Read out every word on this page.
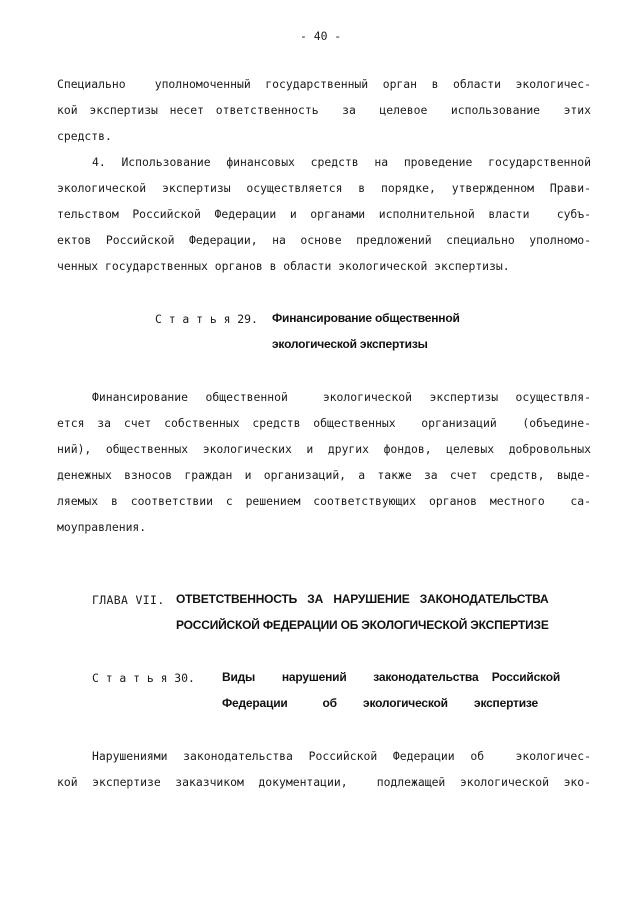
- 40 -
Специально  уполномоченный государственный орган в области экологичес-
кой экспертизы несет ответственность  за  целевое  использование  этих
средств.
4. Использование финансовых средств на проведение государственной
экологической экспертизы осуществляется в порядке, утвержденном Прави-
тельством Российской Федерации и органами исполнительной власти  субъ-
ектов Российской Федерации, на основе предложений специально уполномо-
ченных государственных органов в области экологической экспертизы.
С т а т ь я 29. Финансирование общественной
экологической экспертизы
Финансирование общественной  экологической экспертизы осуществля-
ется за счет собственных средств общественных  организаций  (объедине-
ний), общественных экологических и других фондов, целевых добровольных
денежных взносов граждан и организаций, а также за счет средств, выде-
ляемых в соответствии с решением соответствующих органов местного  са-
моуправления.
ГЛАВА VII. ОТВЕТСТВЕННОСТЬ  ЗА  НАРУШЕНИЕ  ЗАКОНОДАТЕЛЬСТВА
РОССИЙСКОЙ ФЕДЕРАЦИИ ОБ ЭКОЛОГИЧЕСКОЙ ЭКСПЕРТИЗЕ
С т а т ь я 30. Виды  нарушений  законодательства Российской
Федерации    об   экологической   экспертизе
Нарушениями законодательства Российской Федерации об  экологичес-
кой экспертизе заказчиком документации,  подлежащей экологической эко-
